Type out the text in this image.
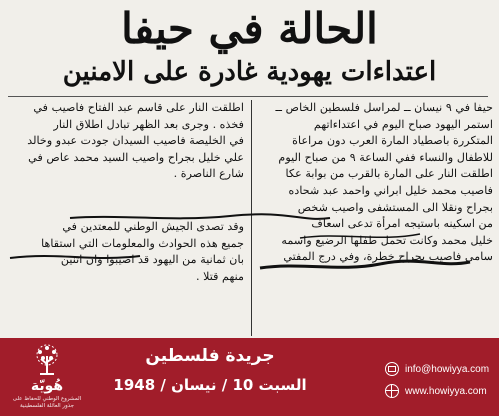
الحالة في حيفا
اعتداءات يهودية غادرة على الامنين

حيفا في ٩ نيسان ــ لمراسل فلسطين الخاص ــ

استمر اليهود صباح اليوم في اعتداءاتهم

المتكررة باصطياد المارة العرب دون مراعاة

للاطفال والنساء ففي الساعة ٩ من صباح اليوم

اطلقت النار على المارة بالقرب من بوابة عكا

فاصيب محمد خليل ابراني واحمد عبد شحاده

بجراح ونقلا الى المستشفى واصيب شخص

من اسكينه باستيجه امرأة تدعى اسعاف

خليل محمد وكانت تحمل طفلها الرضيع واسمه

سامي فاصيب بجراح خطرة، وفي درج المفتي

اطلقت النار على قاسم عبد الفتاح فاصيب في

فخذه . وجرى بعد الظهر تبادل اطلاق النار

في الخليصة فاصيب السيدان جودت عبدو وخالد

علي خليل بجراح واصيب السيد محمد عاص في

شارع الناصرة .

وقد تصدى الجيش الوطني للمعتدين في

جميع هذه الحوادث والمعلومات التي استقاها

بان ثمانية من اليهود قد اصيبوا وان اثنين

منهم قتلا .

هُويّة
المشروع الوطني للحفاظ على جذور العائلة الفلسطينية
جريدة فلسطين
السبت 10 / نيسان / 1948
info@howiyya.com
www.howiyya.com
